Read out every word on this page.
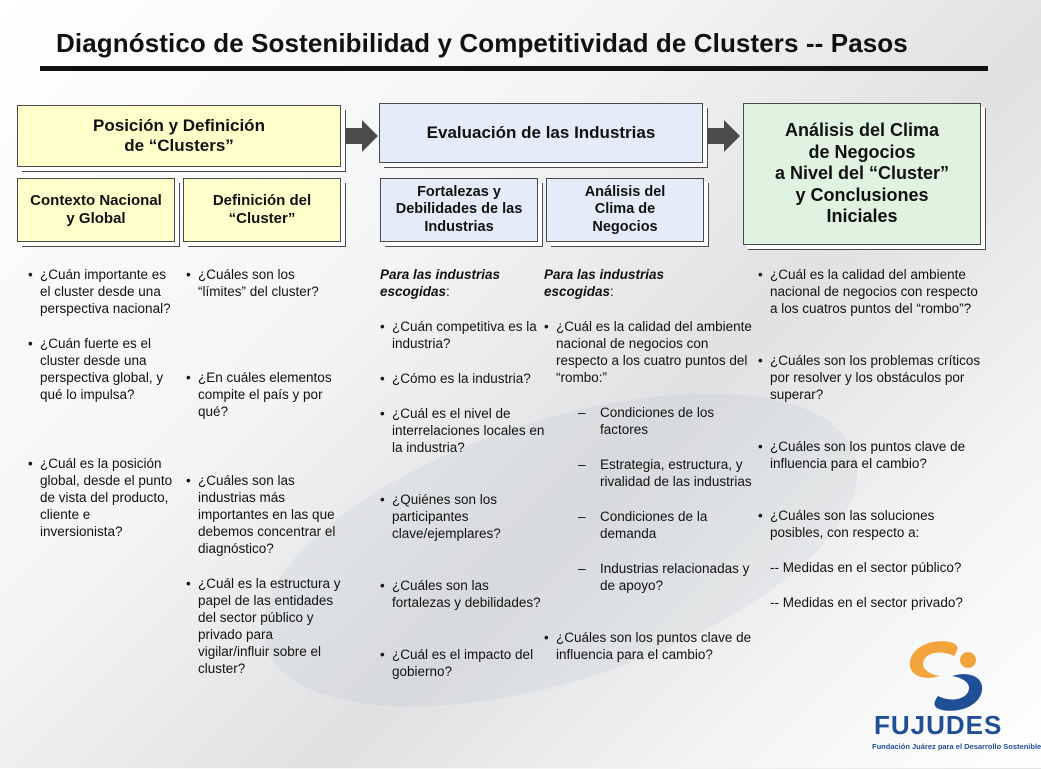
Diagnóstico de Sostenibilidad y Competitividad de Clusters -- Pasos
Posición y Definición
de “Clusters”
Evaluación de las Industrias	Análisis del Clima
de Negocios
a Nivel del “Cluster”
y Conclusiones
Iniciales
Contexto Nacional
y Global
Definición del
“Cluster”
Fortalezas y
Debilidades de las
Industrias
Análisis del
Clima de
Negocios
• ¿Cuán importante es el cluster desde una perspectiva nacional?
• ¿Cuán fuerte es el cluster desde una perspectiva global, y qué lo impulsa?
• ¿Cuál es la posición global, desde el punto de vista del producto, cliente e inversionista?
• ¿Cuáles son los “límites” del cluster?
• ¿En cuáles elementos compite el país y por qué?
• ¿Cuáles son las industrias más importantes en las que debemos concentrar el diagnóstico?
• ¿Cuál es la estructura y papel de las entidades del sector público y privado para vigilar/influir sobre el cluster?
Para las industrias
escogidas:
• ¿Cuán competitiva es la industria?
• ¿Cómo es la industria?
• ¿Cuál es el nivel de interrelaciones locales en la industria?
• ¿Quiénes son los participantes clave/ejemplares?
• ¿Cuáles son las fortalezas y debilidades?
• ¿Cuál es el impacto del gobierno?
Para las industrias
escogidas:
• ¿Cuál es la calidad del ambiente nacional de negocios con respecto a los cuatro puntos del “rombo:”
– Condiciones de los factores
– Estrategia, estructura, y rivalidad de las industrias
– Condiciones de la demanda
– Industrias relacionadas y de apoyo?
• ¿Cuáles son los puntos clave de influencia para el cambio?
• ¿Cuál es la calidad del ambiente nacional de negocios con respecto a los cuatros puntos del “rombo”?
• ¿Cuáles son los problemas críticos por resolver y los obstáculos por superar?
• ¿Cuáles son los puntos clave de influencia para el cambio?
• ¿Cuáles son las soluciones posibles, con respecto a:
-- Medidas en el sector público?
-- Medidas en el sector privado?
FUJUDES
Fundación Juárez para el Desarrollo Sostenible
